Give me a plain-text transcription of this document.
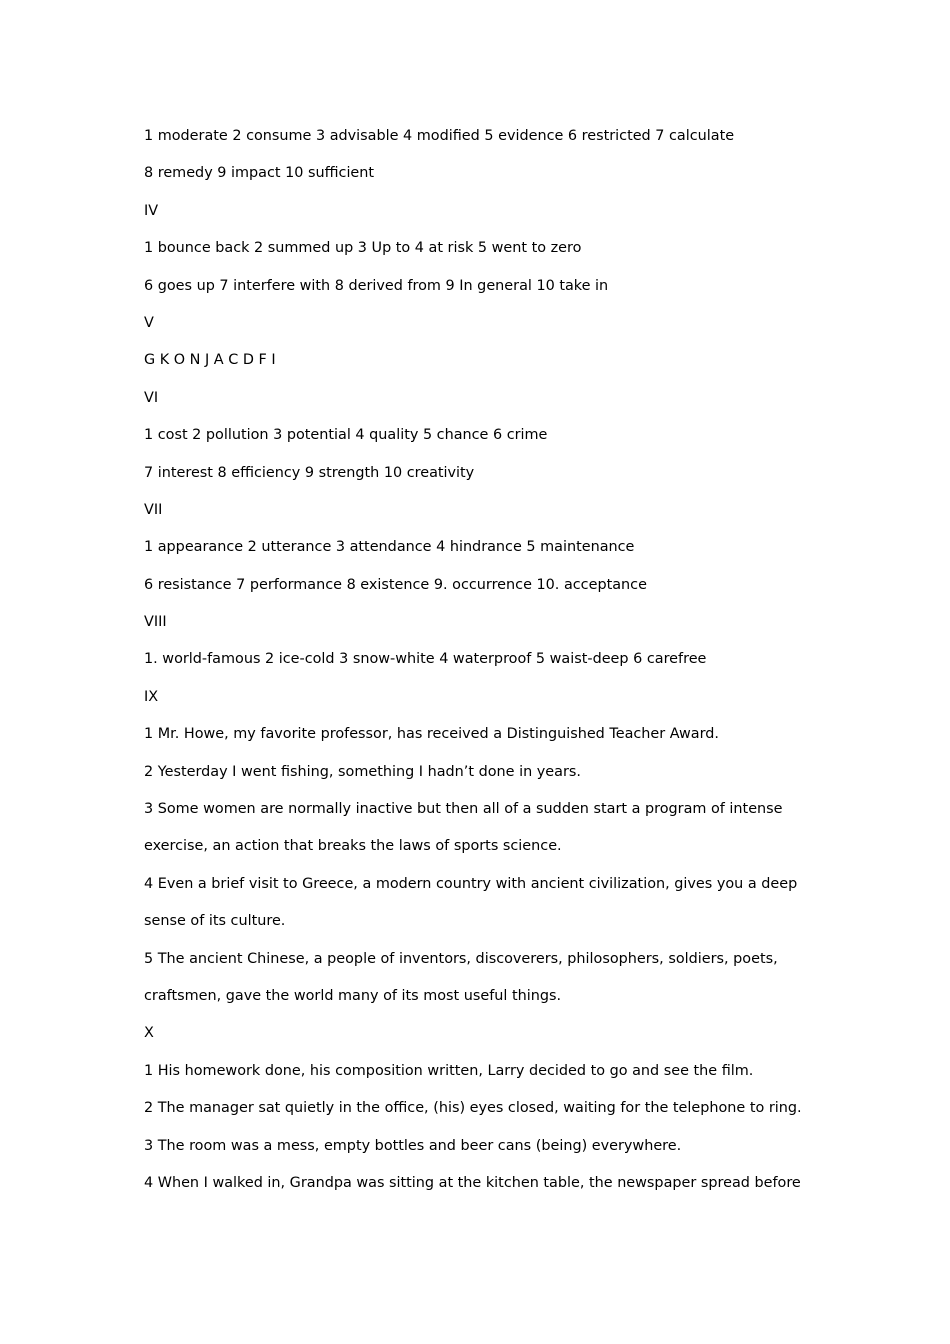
1 moderate 2 consume 3 advisable 4 modified 5 evidence 6 restricted 7 calculate
8 remedy 9 impact 10 sufficient
IV
1 bounce back 2 summed up 3 Up to 4 at risk 5 went to zero
6 goes up 7 interfere with 8 derived from 9 In general 10 take in
V
G K O N J A C D F I
VI
1 cost 2 pollution 3 potential 4 quality 5 chance 6 crime
7 interest 8 efficiency 9 strength 10 creativity
VII
1 appearance 2 utterance 3 attendance 4 hindrance 5 maintenance
6 resistance 7 performance 8 existence 9. occurrence 10. acceptance
VIII
1. world-famous 2 ice-cold 3 snow-white 4 waterproof 5 waist-deep 6 carefree
IX
1 Mr. Howe, my favorite professor, has received a Distinguished Teacher Award.
2 Yesterday I went fishing, something I hadn’t done in years.
3 Some women are normally inactive but then all of a sudden start a program of intense
exercise, an action that breaks the laws of sports science.
4 Even a brief visit to Greece, a modern country with ancient civilization, gives you a deep
sense of its culture.
5 The ancient Chinese, a people of inventors, discoverers, philosophers, soldiers, poets,
craftsmen, gave the world many of its most useful things.
X
1 His homework done, his composition written, Larry decided to go and see the film.
2 The manager sat quietly in the office, (his) eyes closed, waiting for the telephone to ring.
3 The room was a mess, empty bottles and beer cans (being) everywhere.
4 When I walked in, Grandpa was sitting at the kitchen table, the newspaper spread before
